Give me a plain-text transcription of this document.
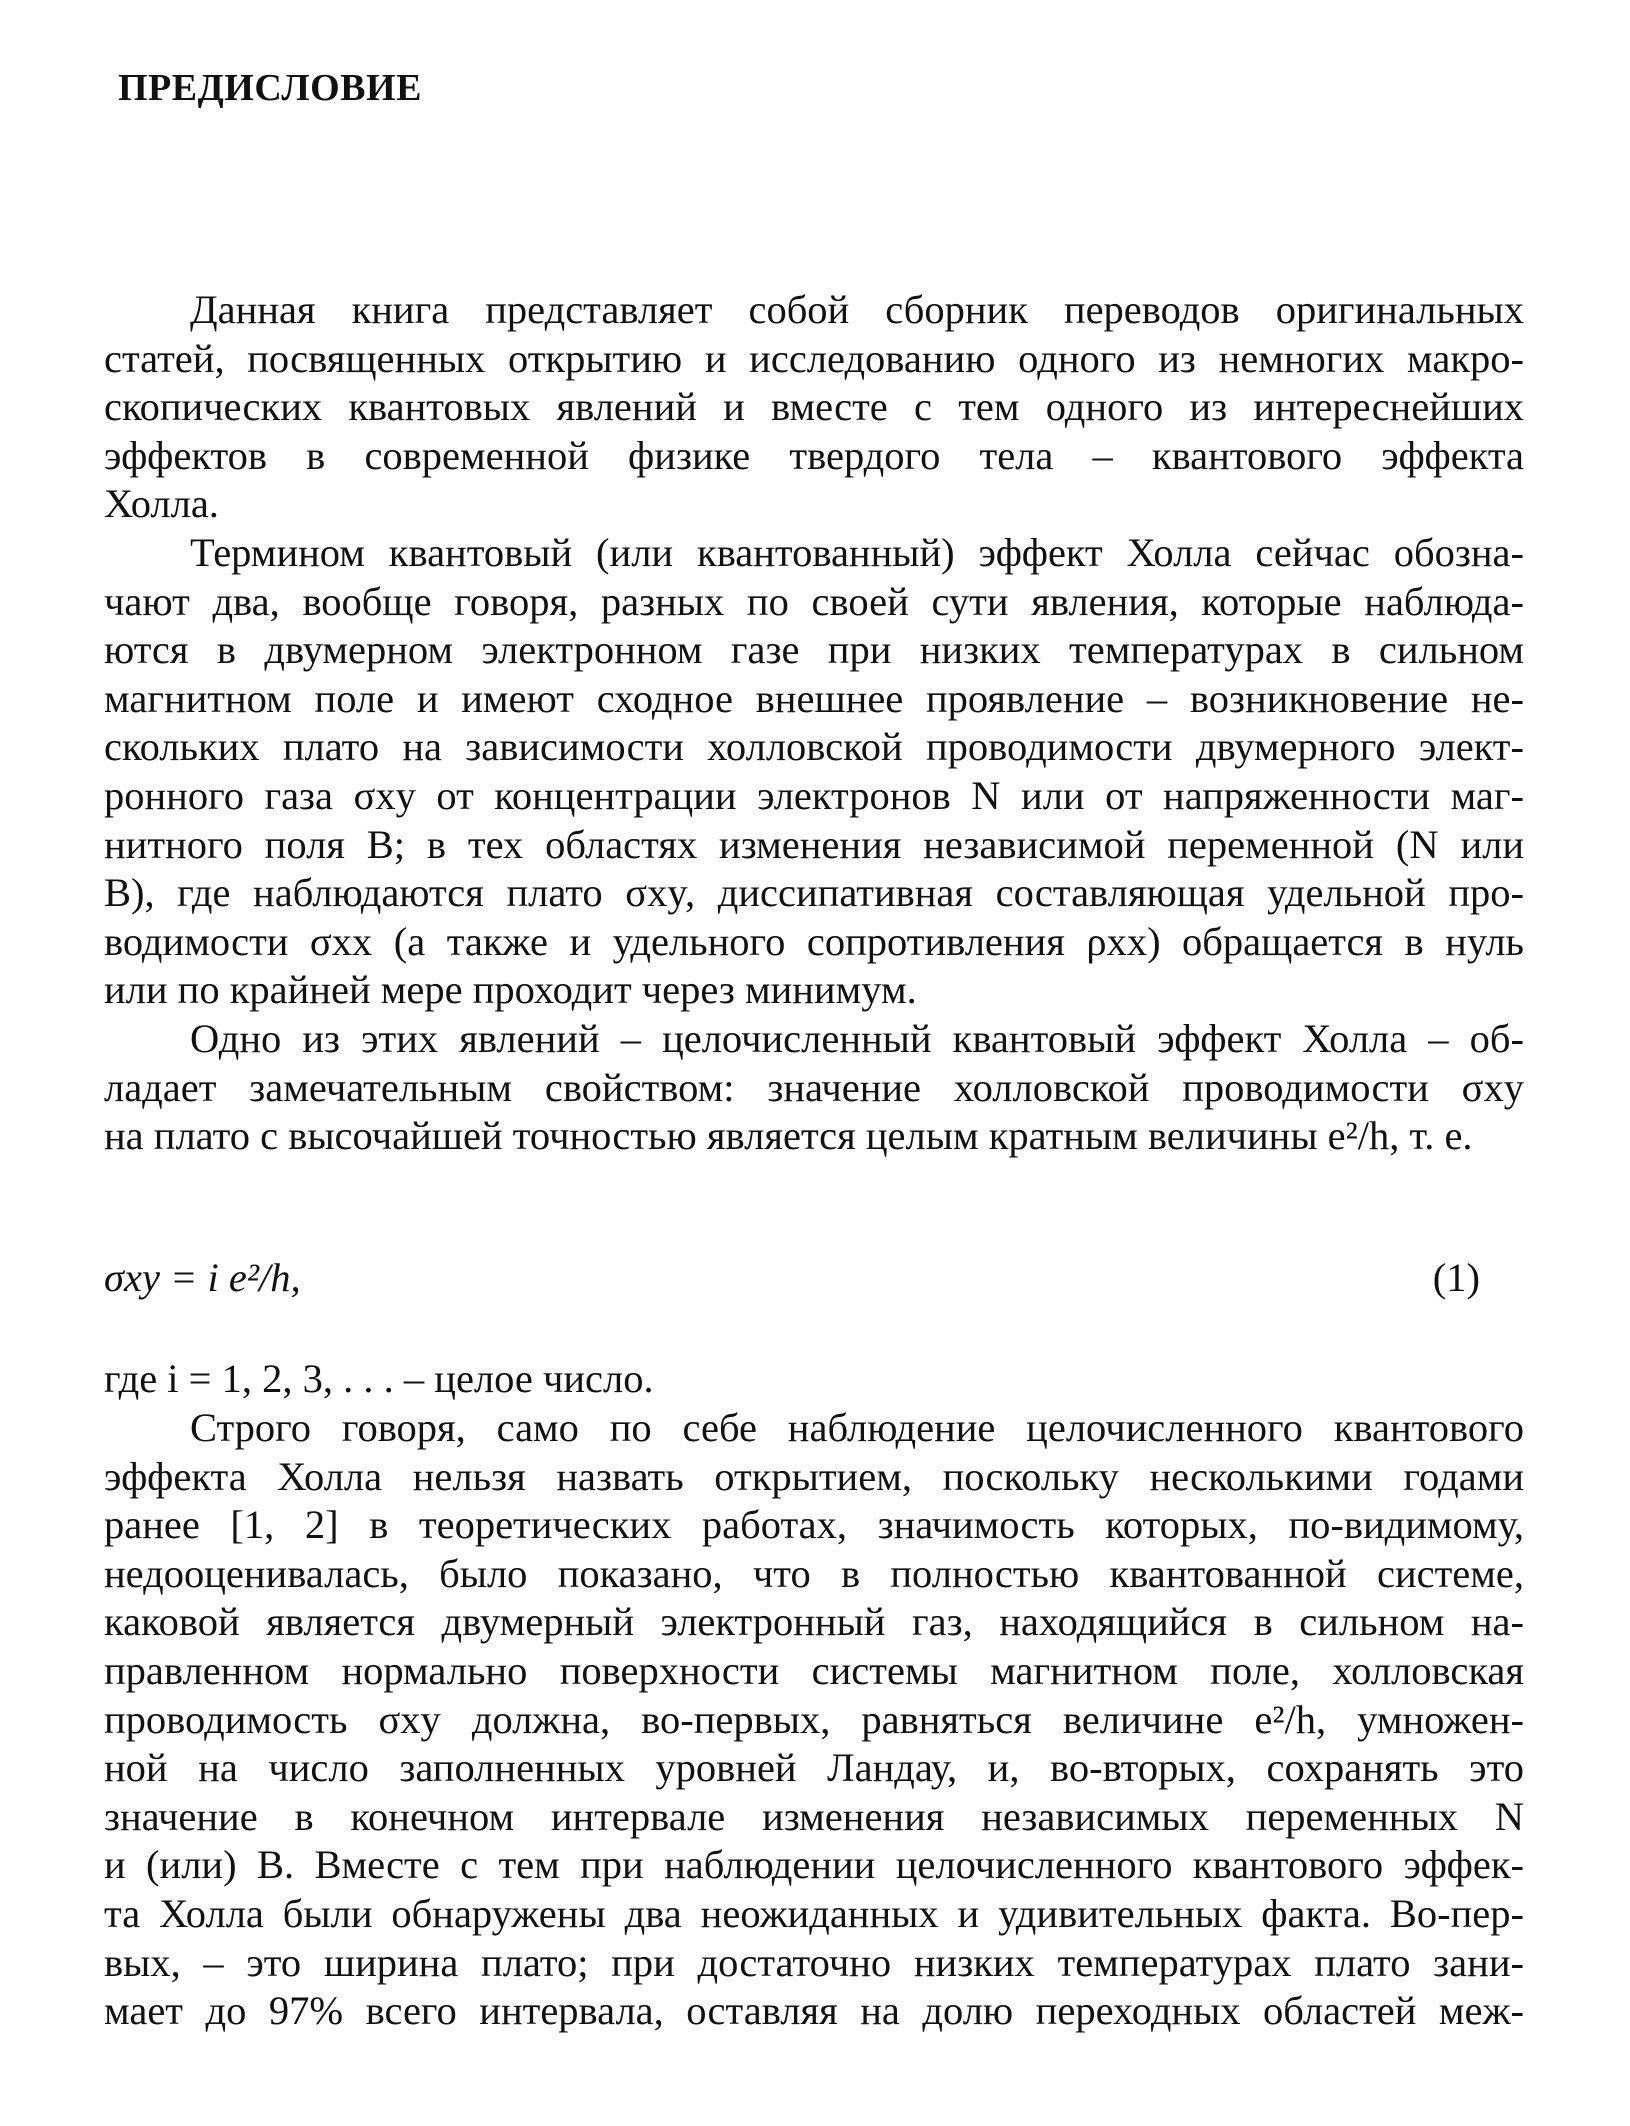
ПРЕДИСЛОВИЕ

Данная книга представляет собой сборник переводов оригинальных
статей, посвященных открытию и исследованию одного из немногих макро-
скопических квантовых явлений и вместе с тем одного из интереснейших
эффектов в современной физике твердого тела – квантового эффекта
Холла.

Термином квантовый (или квантованный) эффект Холла сейчас обозна-
чают два, вообще говоря, разных по своей сути явления, которые наблюда-
ются в двумерном электронном газе при низких температурах в сильном
магнитном поле и имеют сходное внешнее проявление – возникновение не-
скольких плато на зависимости холловской проводимости двумерного элект-
ронного газа σxy от концентрации электронов N или от напряженности маг-
нитного поля B; в тех областях изменения независимой переменной (N или
B), где наблюдаются плато σxy, диссипативная составляющая удельной про-
водимости σxx (а также и удельного сопротивления ρxx) обращается в нуль
или по крайней мере проходит через минимум.

Одно из этих явлений – целочисленный квантовый эффект Холла – об-
ладает замечательным свойством: значение холловской проводимости σxy
на плато с высочайшей точностью является целым кратным величины e²/h, т. е.

σxy = i e²/h,	(1)

где i = 1, 2, 3, . . . – целое число.

Строго говоря, само по себе наблюдение целочисленного квантового
эффекта Холла нельзя назвать открытием, поскольку несколькими годами
ранее [1, 2] в теоретических работах, значимость которых, по-видимому,
недооценивалась, было показано, что в полностью квантованной системе,
каковой является двумерный электронный газ, находящийся в сильном на-
правленном нормально поверхности системы магнитном поле, холловская
проводимость σxy должна, во-первых, равняться величине e²/h, умножен-
ной на число заполненных уровней Ландау, и, во-вторых, сохранять это
значение в конечном интервале изменения независимых переменных N
и (или) B. Вместе с тем при наблюдении целочисленного квантового эффек-
та Холла были обнаружены два неожиданных и удивительных факта. Во-пер-
вых, – это ширина плато; при достаточно низких температурах плато зани-
мает до 97% всего интервала, оставляя на долю переходных областей меж-
